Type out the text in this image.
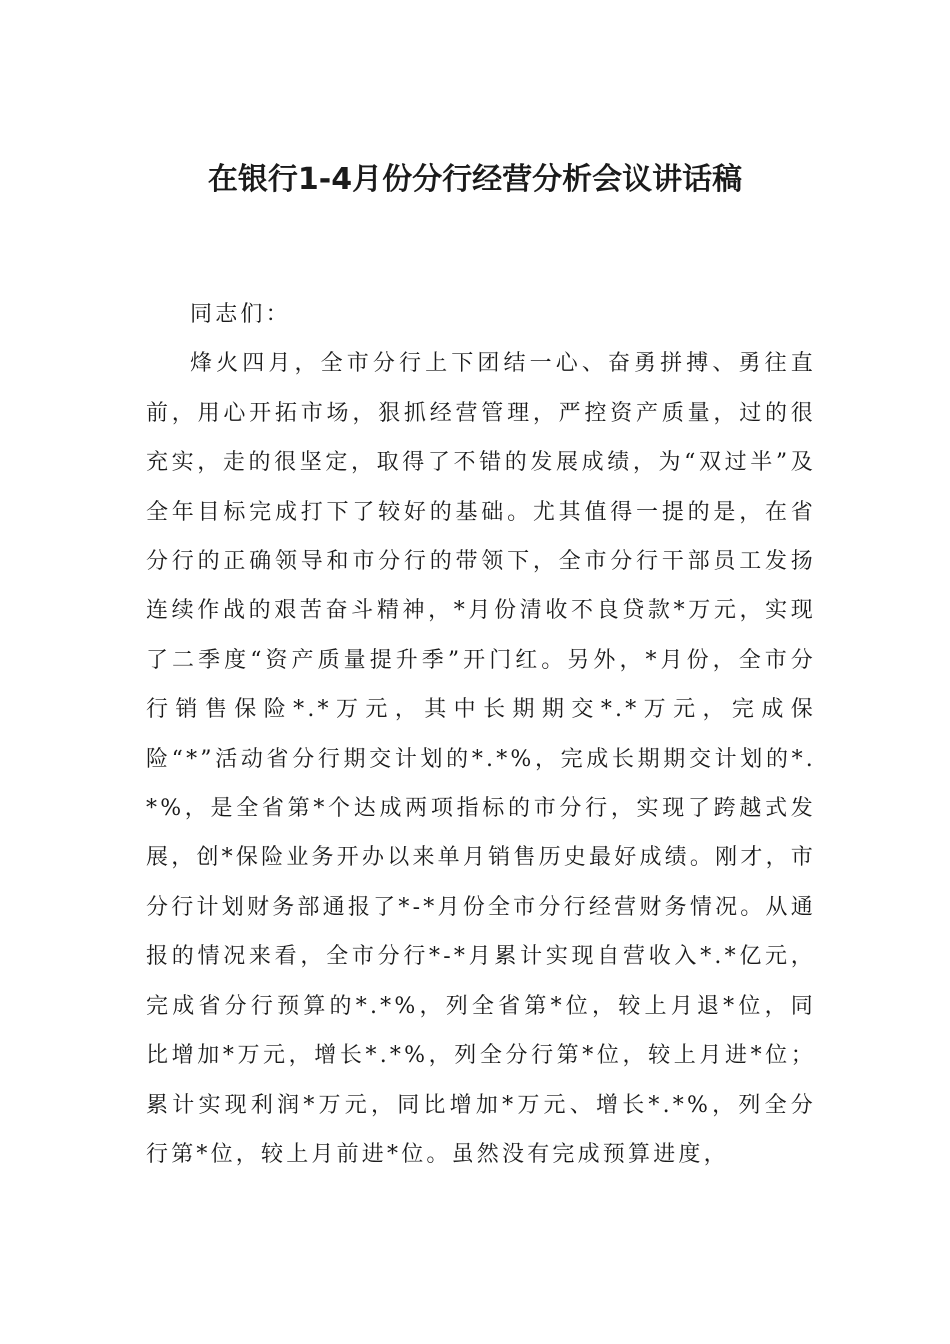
在银行1-4月份分行经营分析会议讲话稿

同志们：

烽火四月，全市分行上下团结一心、奋勇拼搏、勇往直前，用心开拓市场，狠抓经营管理，严控资产质量，过的很充实，走的很坚定，取得了不错的发展成绩，为“双过半”及全年目标完成打下了较好的基础。尤其值得一提的是，在省分行的正确领导和市分行的带领下，全市分行干部员工发扬连续作战的艰苦奋斗精神，*月份清收不良贷款*万元，实现了二季度“资产质量提升季”开门红。另外，*月份，全市分行销售保险*.*万元，其中长期期交*.*万元，完成保险“*”活动省分行期交计划的*.*%，完成长期期交计划的*.*%，是全省第*个达成两项指标的市分行，实现了跨越式发展，创*保险业务开办以来单月销售历史最好成绩。刚才，市分行计划财务部通报了*-*月份全市分行经营财务情况。从通报的情况来看，全市分行*-*月累计实现自营收入*.*亿元，完成省分行预算的*.*%，列全省第*位，较上月退*位，同比增加*万元，增长*.*%，列全分行第*位，较上月进*位；累计实现利润*万元，同比增加*万元、增长*.*%，列全分行第*位，较上月前进*位。虽然没有完成预算进度，
